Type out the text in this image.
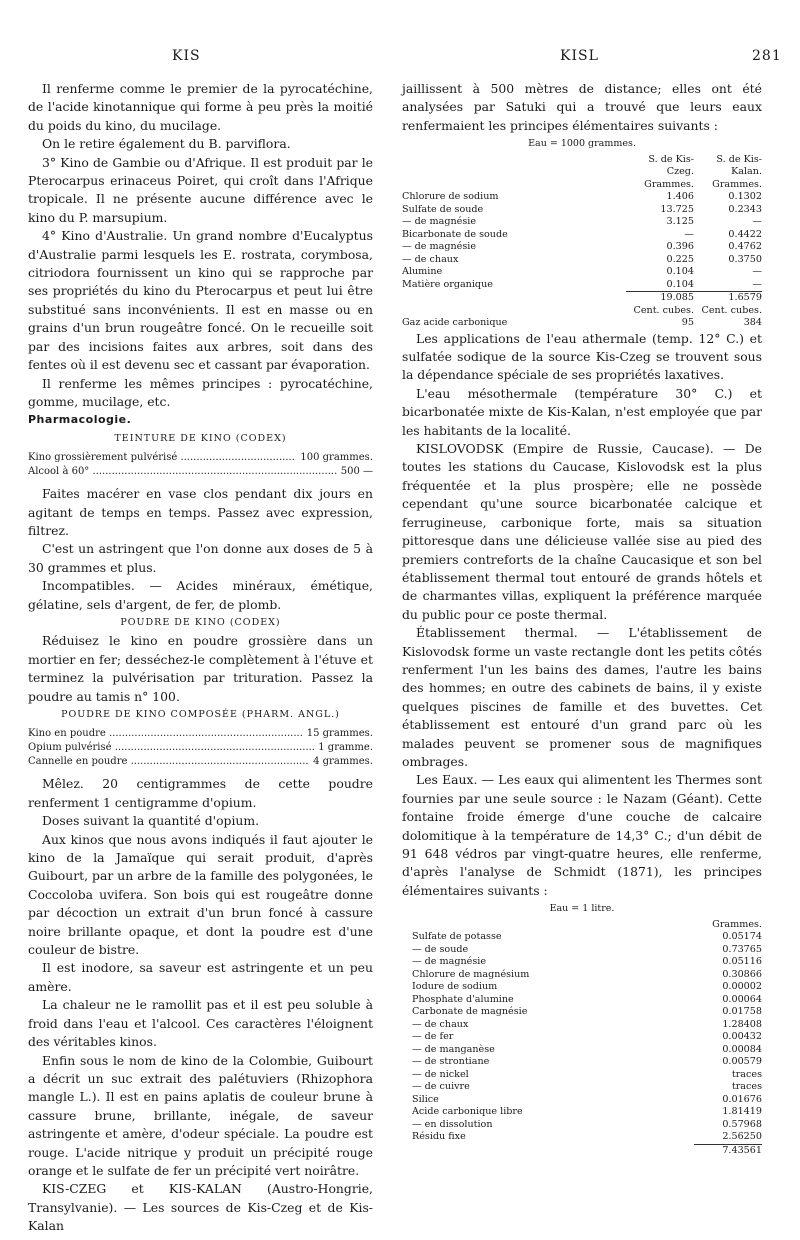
KIS	KISL	281

Il renferme comme le premier de la pyrocatéchine, de l'acide kinotannique qui forme à peu près la moitié du poids du kino, du mucilage.

On le retire également du B. parviflora.

3° Kino de Gambie ou d'Afrique. Il est produit par le Pterocarpus erinaceus Poiret, qui croît dans l'Afrique tropicale. Il ne présente aucune différence avec le kino du P. marsupium.

4° Kino d'Australie. Un grand nombre d'Eucalyptus d'Australie parmi lesquels les E. rostrata, corymbosa, citriodora fournissent un kino qui se rapproche par ses propriétés du kino du Pterocarpus et peut lui être substitué sans inconvénients. Il est en masse ou en grains d'un brun rougeâtre foncé. On le recueille soit par des incisions faites aux arbres, soit dans des fentes où il est devenu sec et cassant par évaporation.

Il renferme les mêmes principes : pyrocatéchine, gomme, mucilage, etc.

Pharmacologie.

TEINTURE DE KINO (CODEX)

Kino grossièrement pulvérisé .....	100 grammes.
Alcool à 60° .....	500 —

Faites macérer en vase clos pendant dix jours en agitant de temps en temps. Passez avec expression, filtrez.

C'est un astringent que l'on donne aux doses de 5 à 30 grammes et plus.

Incompatibles. — Acides minéraux, émétique, gélatine, sels d'argent, de fer, de plomb.

POUDRE DE KINO (CODEX)

Réduisez le kino en poudre grossière dans un mortier en fer; desséchez-le complètement à l'étuve et terminez la pulvérisation par trituration. Passez la poudre au tamis n° 100.

POUDRE DE KINO COMPOSÉE (PHARM. ANGL.)

Kino en poudre .....	15 grammes.
Opium pulvérisé .....	1 gramme.
Cannelle en poudre .....	4 grammes.

Mêlez. 20 centigrammes de cette poudre renferment 1 centigramme d'opium.

Doses suivant la quantité d'opium.

Aux kinos que nous avons indiqués il faut ajouter le kino de la Jamaïque qui serait produit, d'après Guibourt, par un arbre de la famille des polygonées, le Coccoloba uvifera. Son bois qui est rougeâtre donne par décoction un extrait d'un brun foncé à cassure noire brillante opaque, et dont la poudre est d'une couleur de bistre.

Il est inodore, sa saveur est astringente et un peu amère.

La chaleur ne le ramollit pas et il est peu soluble à froid dans l'eau et l'alcool. Ces caractères l'éloignent des véritables kinos.

Enfin sous le nom de kino de la Colombie, Guibourt a décrit un suc extrait des palétuviers (Rhizophora mangle L.). Il est en pains aplatis de couleur brune à cassure brune, brillante, inégale, de saveur astringente et amère, d'odeur spéciale. La poudre est rouge. L'acide nitrique y produit un précipité rouge orange et le sulfate de fer un précipité vert noirâtre.

KIS-CZEG et KIS-KALAN (Austro-Hongrie, Transylvanie). — Les sources de Kis-Czeg et de Kis-Kalan

jaillissent à 500 mètres de distance; elles ont été analysées par Satuki qui a trouvé que leurs eaux renfermaient les principes élémentaires suivants :

Eau = 1000 grammes.

	S. de Kis-Czeg.	S. de Kis-Kalan.
	Grammes.	Grammes.
Chlorure de sodium	1.406	0.1302
Sulfate de soude	13.725	0.2343
— de magnésie	3.125	—
Bicarbonate de soude	—	0.4422
— de magnésie	0.396	0.4762
— de chaux	0.225	0.3750
Alumine	0.104	—
Matière organique	0.104	—
	19.085	1.6579
	Cent. cubes.	Cent. cubes.
Gaz acide carbonique	95	384

Les applications de l'eau athermale (temp. 12° C.) et sulfatée sodique de la source Kis-Czeg se trouvent sous la dépendance spéciale de ses propriétés laxatives.

L'eau mésothermale (température 30° C.) et bicarbonatée mixte de Kis-Kalan, n'est employée que par les habitants de la localité.

KISLOVODSK (Empire de Russie, Caucase). — De toutes les stations du Caucase, Kislovodsk est la plus fréquentée et la plus prospère; elle ne possède cependant qu'une source bicarbonatée calcique et ferrugineuse, carbonique forte, mais sa situation pittoresque dans une délicieuse vallée sise au pied des premiers contreforts de la chaîne Caucasique et son bel établissement thermal tout entouré de grands hôtels et de charmantes villas, expliquent la préférence marquée du public pour ce poste thermal.

Établissement thermal. — L'établissement de Kislovodsk forme un vaste rectangle dont les petits côtés renferment l'un les bains des dames, l'autre les bains des hommes; en outre des cabinets de bains, il y existe quelques piscines de famille et des buvettes. Cet établissement est entouré d'un grand parc où les malades peuvent se promener sous de magnifiques ombrages.

Les Eaux. — Les eaux qui alimentent les Thermes sont fournies par une seule source : le Nazam (Géant). Cette fontaine froide émerge d'une couche de calcaire dolomitique à la température de 14,3° C.; d'un débit de 91 648 védros par vingt-quatre heures, elle renferme, d'après l'analyse de Schmidt (1871), les principes élémentaires suivants :

Eau = 1 litre.

	Grammes.
Sulfate de potasse	0.05174
— de soude	0.73765
— de magnésie	0.05116
Chlorure de magnésium	0.30866
Iodure de sodium	0.00002
Phosphate d'alumine	0.00064
Carbonate de magnésie	0.01758
— de chaux	1.28408
— de fer	0.00432
— de manganèse	0.00084
— de strontiane	0.00579
— de nickel	traces
— de cuivre	traces
Silice	0.01676
Acide carbonique libre	1.81419
— en dissolution	0.57968
Résidu fixe	2.56250
	7.43561
